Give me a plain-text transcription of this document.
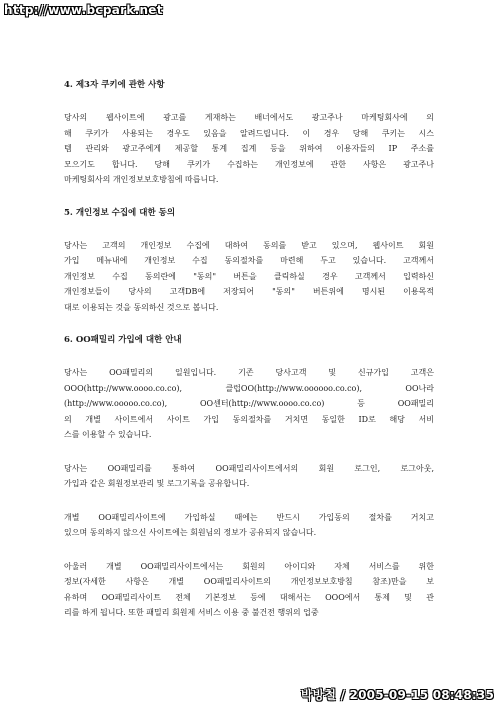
http://www.bcpark.net
4. 제3자 쿠키에 관한 사항
당사의 웹사이트에 광고를 게재하는 배너에서도 광고주나 마케팅회사에 의
해 쿠키가 사용되는 경우도 있음을 알려드립니다. 이 경우 당해 쿠키는 시스
템 관리와 광고주에게 제공할 통계 집계 등을 위하여 이용자들의 IP 주소를
모으기도 합니다. 당해 쿠키가 수집하는 개인정보에 관한 사항은 광고주나
마케팅회사의 개인정보보호방침에 따릅니다.
5. 개인정보 수집에 대한 동의
당사는 고객의 개인정보 수집에 대하여 동의를 받고 있으며, 웹사이트 회원
가입 메뉴내에 개인정보 수집 동의절차를 마련해 두고 있습니다. 고객께서
개인정보 수집 동의란에 "동의" 버튼을 클릭하실 경우 고객께서 입력하신
개인정보들이 당사의 고객DB에 저장되어 "동의" 버튼위에 명시된 이용목적
대로 이용되는 것을 동의하신 것으로 봅니다.
6. OO패밀리 가입에 대한 안내
당사는 OO패밀리의 일원입니다. 기존 당사고객 및 신규가입 고객은
OOO(http://www.oooo.co.co), 클럽OO(http://www.oooooo.co.co), OO나라
(http://www.ooooo.co.co), OO센터(http://www.oooo.co.co) 등 OO패밀리
의 개별 사이트에서 사이트 가입 동의절차를 거치면 동일한 ID로 해당 서비
스를 이용할 수 있습니다.
당사는 OO패밀리를 통하여 OO패밀리사이트에서의 회원 로그인, 로그아웃,
가입과 같은 회원정보관리 및 로그기록을 공유합니다.
개별 OO패밀리사이트에 가입하실 때에는 반드시 가입동의 절차를 거치고
있으며 동의하지 않으신 사이트에는 회원님의 정보가 공유되지 않습니다.
아울러 개별 OO패밀리사이트에서는 회원의 아이디와 자체 서비스를 위한
정보(자세한 사항은 개별 OO패밀리사이트의 개인정보보호방침 참조)만을 보
유하며 OO패밀리사이트 전체 기본정보 등에 대해서는 OOO에서 통제 및 관
리를 하게 됩니다. 또한 패밀리 회원제 서비스 이용 중 불건전 행위의 업중
박방철 / 2005-09-15 08:48:35
